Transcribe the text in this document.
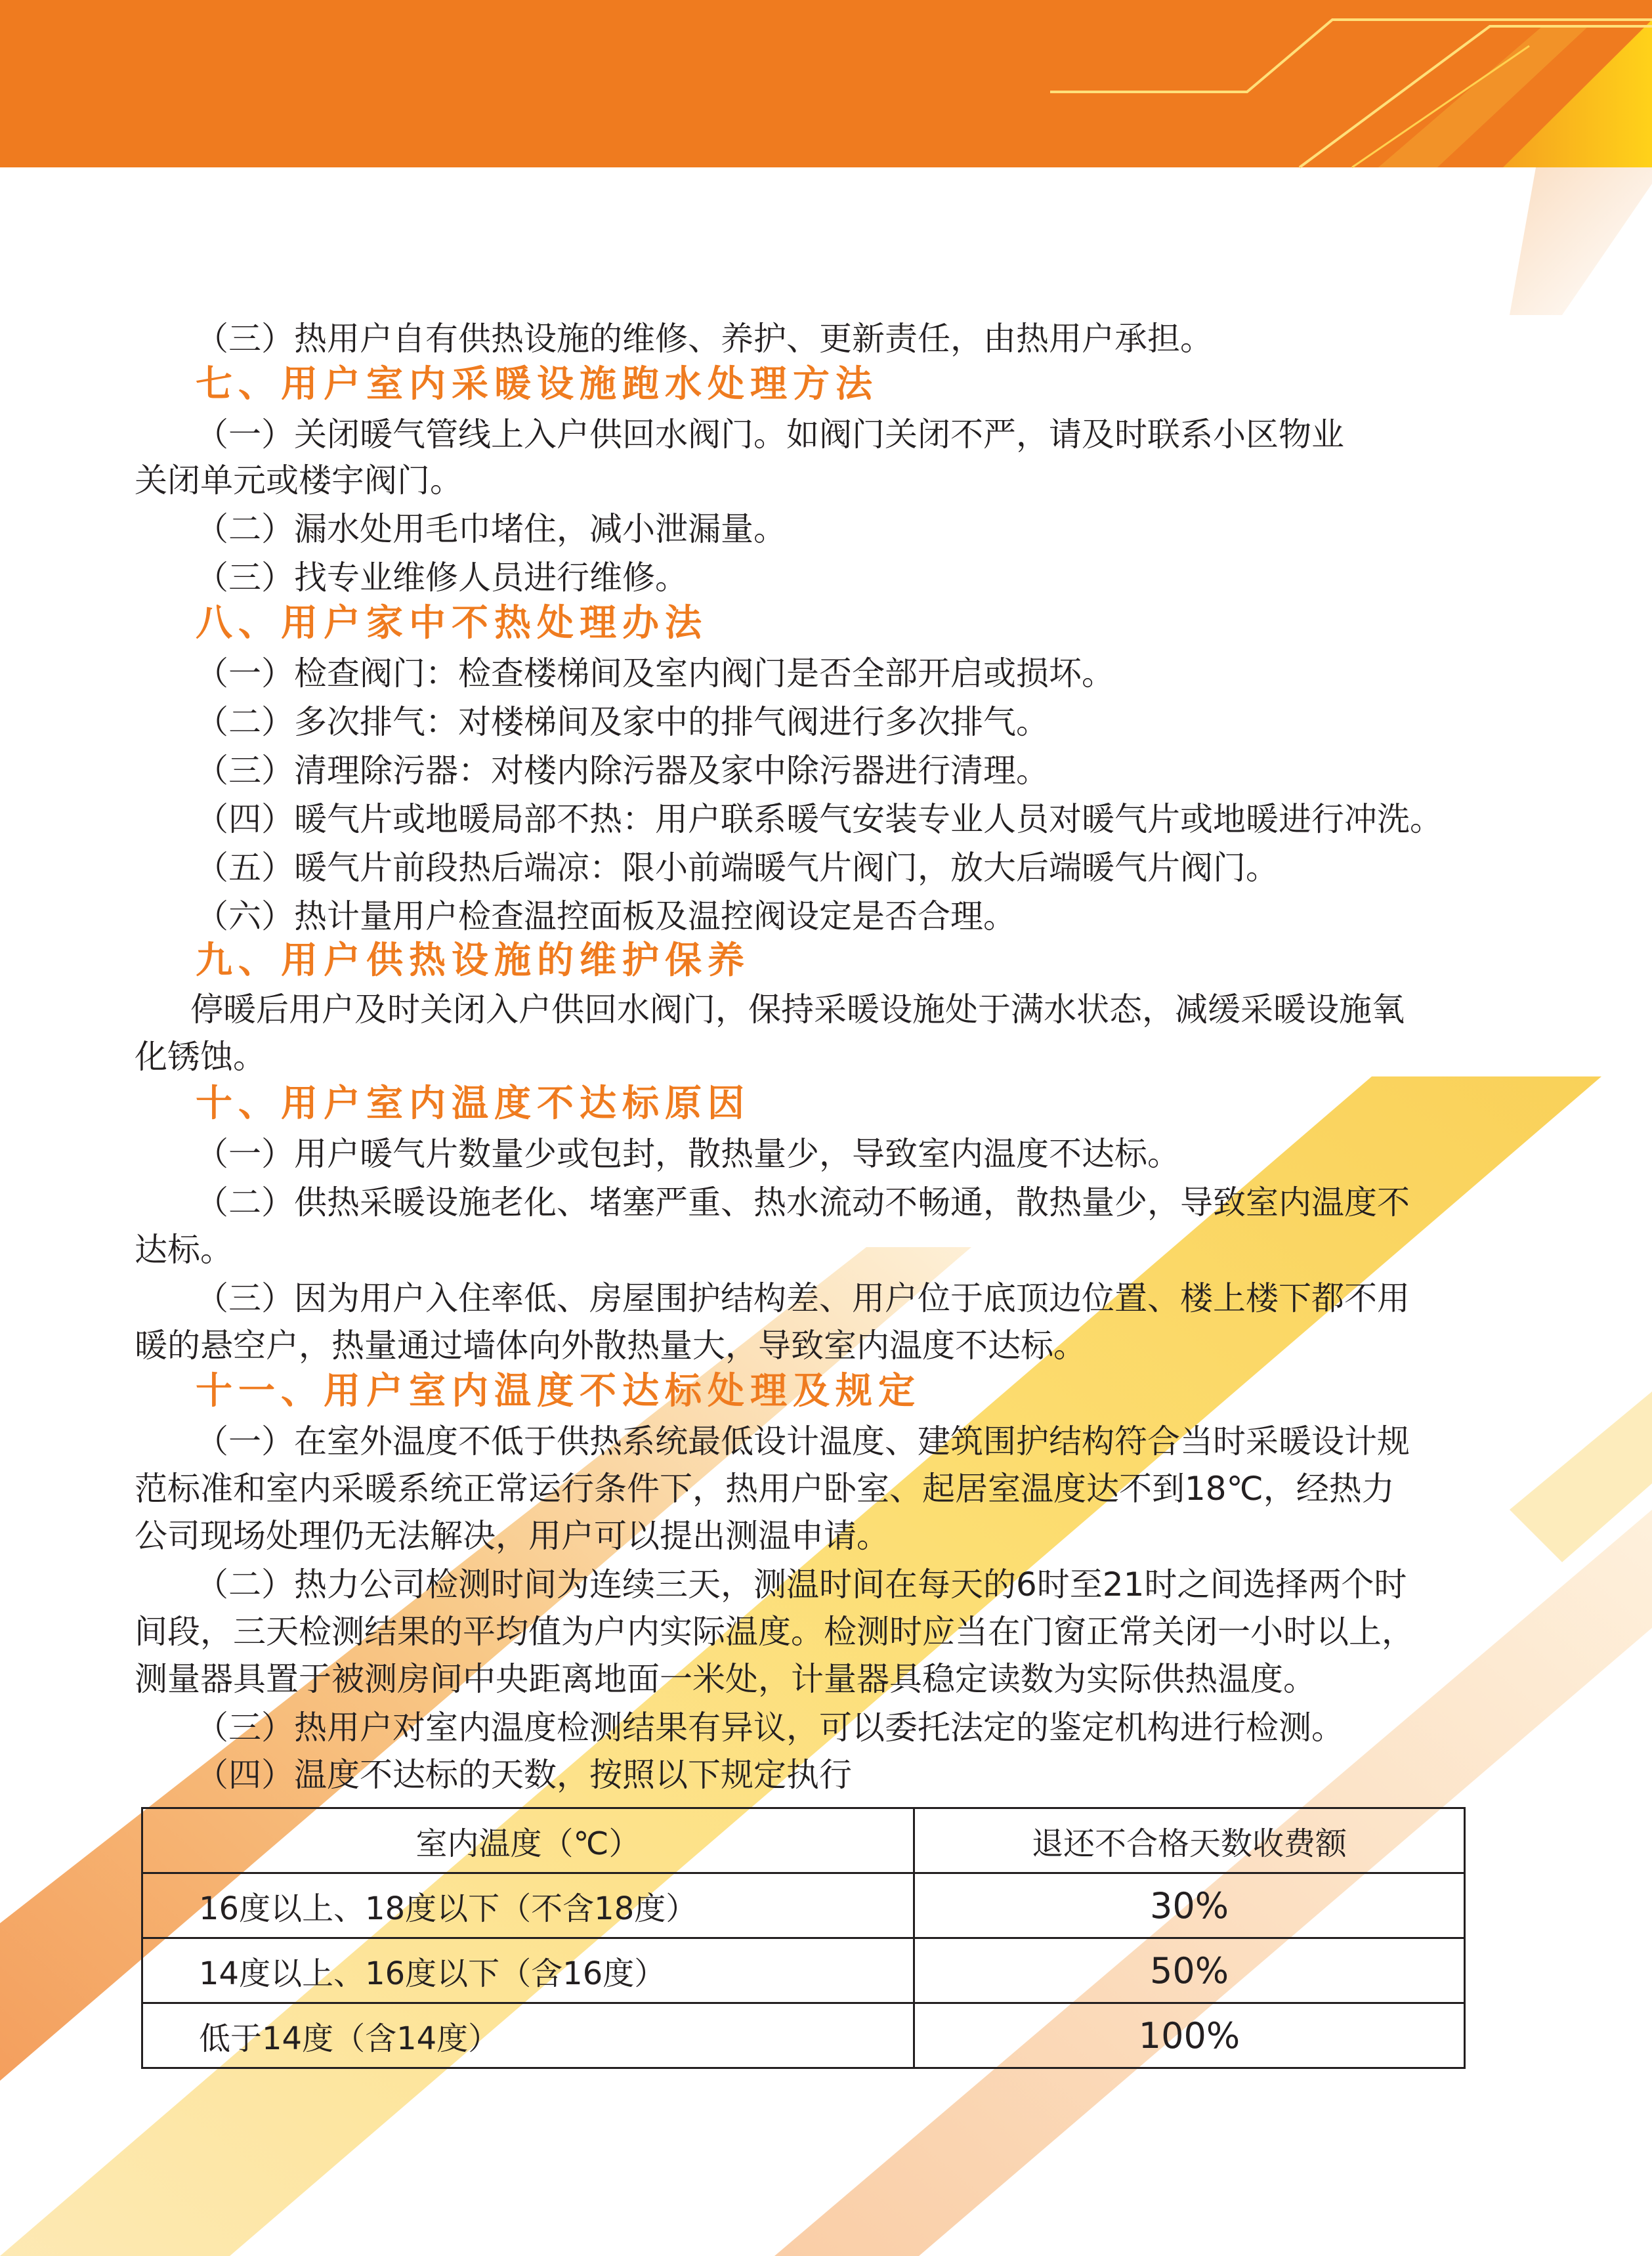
（三）热用户自有供热设施的维修、养护、更新责任，由热用户承担。

七、用户室内采暖设施跑水处理方法

（一）关闭暖气管线上入户供回水阀门。如阀门关闭不严，请及时联系小区物业

关闭单元或楼宇阀门。

（二）漏水处用毛巾堵住，减小泄漏量。

（三）找专业维修人员进行维修。

八、用户家中不热处理办法

（一）检查阀门：检查楼梯间及室内阀门是否全部开启或损坏。

（二）多次排气：对楼梯间及家中的排气阀进行多次排气。

（三）清理除污器：对楼内除污器及家中除污器进行清理。

（四）暖气片或地暖局部不热：用户联系暖气安装专业人员对暖气片或地暖进行冲洗。

（五）暖气片前段热后端凉：限小前端暖气片阀门，放大后端暖气片阀门。

（六）热计量用户检查温控面板及温控阀设定是否合理。

九、用户供热设施的维护保养

停暖后用户及时关闭入户供回水阀门，保持采暖设施处于满水状态，减缓采暖设施氧

化锈蚀。

十、用户室内温度不达标原因

（一）用户暖气片数量少或包封，散热量少，导致室内温度不达标。

（二）供热采暖设施老化、堵塞严重、热水流动不畅通，散热量少，导致室内温度不

达标。

（三）因为用户入住率低、房屋围护结构差、用户位于底顶边位置、楼上楼下都不用

暖的悬空户，热量通过墙体向外散热量大，导致室内温度不达标。

十一、用户室内温度不达标处理及规定

（一）在室外温度不低于供热系统最低设计温度、建筑围护结构符合当时采暖设计规

范标准和室内采暖系统正常运行条件下，热用户卧室、起居室温度达不到18℃，经热力

公司现场处理仍无法解决，用户可以提出测温申请。

（二）热力公司检测时间为连续三天，测温时间在每天的6时至21时之间选择两个时

间段，三天检测结果的平均值为户内实际温度。检测时应当在门窗正常关闭一小时以上，

测量器具置于被测房间中央距离地面一米处，计量器具稳定读数为实际供热温度。

（三）热用户对室内温度检测结果有异议，可以委托法定的鉴定机构进行检测。

（四）温度不达标的天数，按照以下规定执行

室内温度（℃）	退还不合格天数收费额
16度以上、18度以下（不含18度）	30%
14度以上、16度以下（含16度）	50%
低于14度（含14度）	100%
